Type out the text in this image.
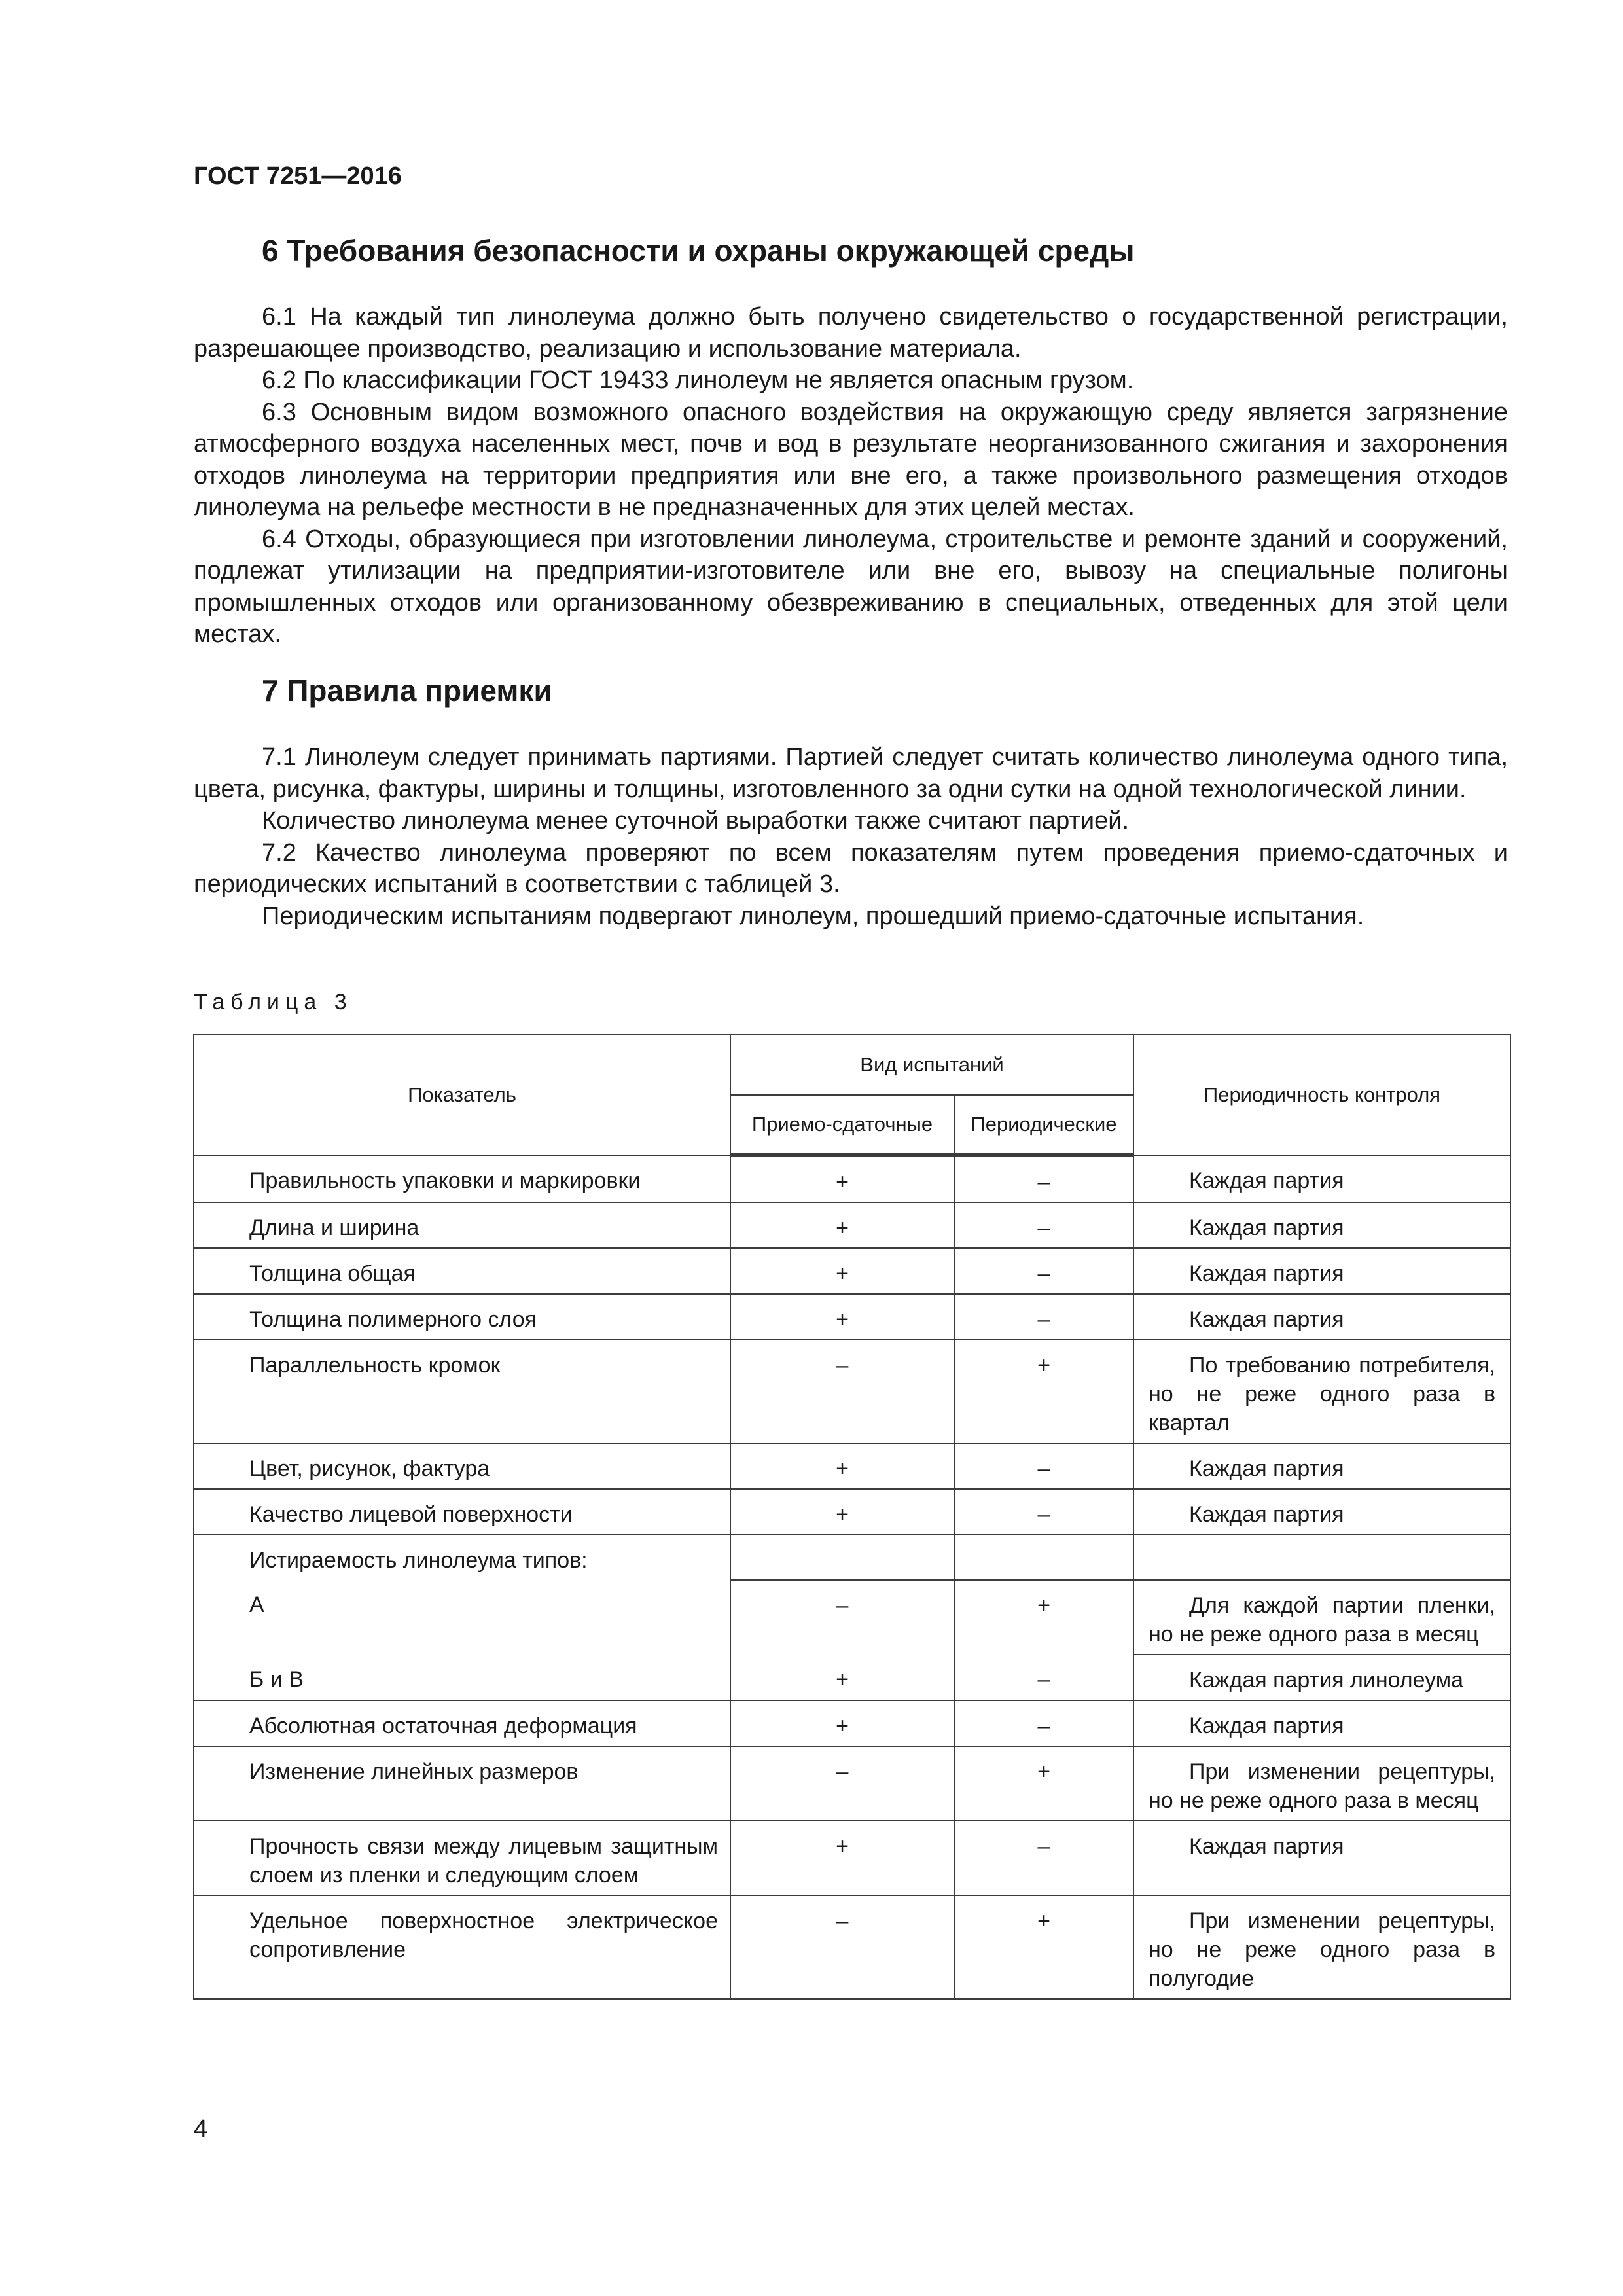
ГОСТ 7251—2016
6 Требования безопасности и охраны окружающей среды

6.1 На каждый тип линолеума должно быть получено свидетельство о государственной регистрации, разрешающее производство, реализацию и использование материала.

6.2 По классификации ГОСТ 19433 линолеум не является опасным грузом.

6.3 Основным видом возможного опасного воздействия на окружающую среду является загрязнение атмосферного воздуха населенных мест, почв и вод в результате неорганизованного сжигания и захоронения отходов линолеума на территории предприятия или вне его, а также произвольного размещения отходов линолеума на рельефе местности в не предназначенных для этих целей местах.

6.4 Отходы, образующиеся при изготовлении линолеума, строительстве и ремонте зданий и сооружений, подлежат утилизации на предприятии-изготовителе или вне его, вывозу на специальные полигоны промышленных отходов или организованному обезвреживанию в специальных, отведенных для этой цели местах.

7 Правила приемки

7.1 Линолеум следует принимать партиями. Партией следует считать количество линолеума одного типа, цвета, рисунка, фактуры, ширины и толщины, изготовленного за одни сутки на одной технологической линии.

Количество линолеума менее суточной выработки также считают партией.

7.2 Качество линолеума проверяют по всем показателям путем проведения приемо-сдаточных и периодических испытаний в соответствии с таблицей 3.

Периодическим испытаниям подвергают линолеум, прошедший приемо-сдаточные испытания.

Таблица 3
Показатель	Вид испытаний		Периодичность контроля
	Приемо-сдаточные	Периодические	
Правильность упаковки и маркировки	+	–	Каждая партия
Длина и ширина	+	–	Каждая партия
Толщина общая	+	–	Каждая партия
Толщина полимерного слоя	+	–	Каждая партия
Параллельность кромок	–	+	По требованию потребителя, но не реже одного раза в квартал
Цвет, рисунок, фактура	+	–	Каждая партия
Качество лицевой поверхности	+	–	Каждая партия
Истираемость линолеума типов:			
А	–	+	Для каждой партии пленки, но не реже одного раза в месяц
Б и В	+	–	Каждая партия линолеума
Абсолютная остаточная деформация	+	–	Каждая партия
Изменение линейных размеров	–	+	При изменении рецептуры, но не реже одного раза в месяц
Прочность связи между лицевым защитным слоем из пленки и следующим слоем	+	–	Каждая партия
Удельное поверхностное электрическое сопротивление	–	+	При изменении рецептуры, но не реже одного раза в полугодие
4
